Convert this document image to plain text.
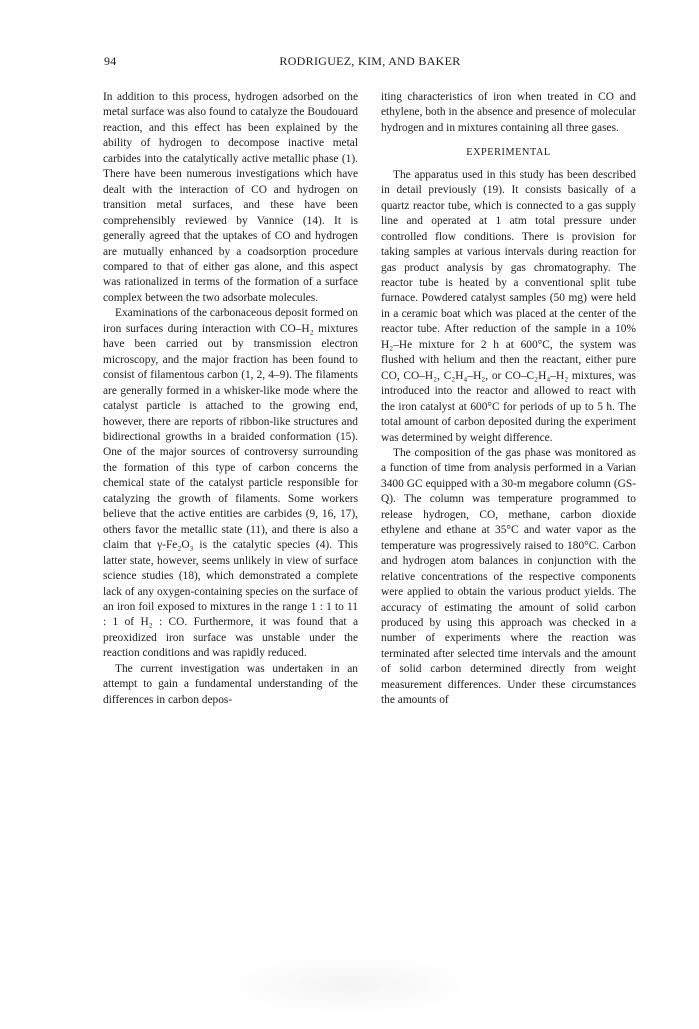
94	RODRIGUEZ, KIM, AND BAKER

In addition to this process, hydrogen adsorbed on the metal surface was also found to catalyze the Boudouard reaction, and this effect has been explained by the ability of hydrogen to decompose inactive metal carbides into the catalytically active metallic phase (1). There have been numerous investigations which have dealt with the interaction of CO and hydrogen on transition metal surfaces, and these have been comprehensibly reviewed by Vannice (14). It is generally agreed that the uptakes of CO and hydrogen are mutually enhanced by a coadsorption procedure compared to that of either gas alone, and this aspect was rationalized in terms of the formation of a surface complex between the two adsorbate molecules.

Examinations of the carbonaceous deposit formed on iron surfaces during interaction with CO–H₂ mixtures have been carried out by transmission electron microscopy, and the major fraction has been found to consist of filamentous carbon (1, 2, 4–9). The filaments are generally formed in a whisker-like mode where the catalyst particle is attached to the growing end, however, there are reports of ribbon-like structures and bidirectional growths in a braided conformation (15). One of the major sources of controversy surrounding the formation of this type of carbon concerns the chemical state of the catalyst particle responsible for catalyzing the growth of filaments. Some workers believe that the active entities are carbides (9, 16, 17), others favor the metallic state (11), and there is also a claim that γ-Fe₂O₃ is the catalytic species (4). This latter state, however, seems unlikely in view of surface science studies (18), which demonstrated a complete lack of any oxygen-containing species on the surface of an iron foil exposed to mixtures in the range 1 : 1 to 11 : 1 of H₂ : CO. Furthermore, it was found that a preoxidized iron surface was unstable under the reaction conditions and was rapidly reduced.

The current investigation was undertaken in an attempt to gain a fundamental understanding of the differences in carbon depos-

iting characteristics of iron when treated in CO and ethylene, both in the absence and presence of molecular hydrogen and in mixtures containing all three gases.

EXPERIMENTAL

The apparatus used in this study has been described in detail previously (19). It consists basically of a quartz reactor tube, which is connected to a gas supply line and operated at 1 atm total pressure under controlled flow conditions. There is provision for taking samples at various intervals during reaction for gas product analysis by gas chromatography. The reactor tube is heated by a conventional split tube furnace. Powdered catalyst samples (50 mg) were held in a ceramic boat which was placed at the center of the reactor tube. After reduction of the sample in a 10% H₂–He mixture for 2 h at 600°C, the system was flushed with helium and then the reactant, either pure CO, CO–H₂, C₂H₄–H₂, or CO–C₂H₄–H₂ mixtures, was introduced into the reactor and allowed to react with the iron catalyst at 600°C for periods of up to 5 h. The total amount of carbon deposited during the experiment was determined by weight difference.

The composition of the gas phase was monitored as a function of time from analysis performed in a Varian 3400 GC equipped with a 30-m megabore column (GS-Q). The column was temperature programmed to release hydrogen, CO, methane, carbon dioxide ethylene and ethane at 35°C and water vapor as the temperature was progressively raised to 180°C. Carbon and hydrogen atom balances in conjunction with the relative concentrations of the respective components were applied to obtain the various product yields. The accuracy of estimating the amount of solid carbon produced by using this approach was checked in a number of experiments where the reaction was terminated after selected time intervals and the amount of solid carbon determined directly from weight measurement differences. Under these circumstances the amounts of
